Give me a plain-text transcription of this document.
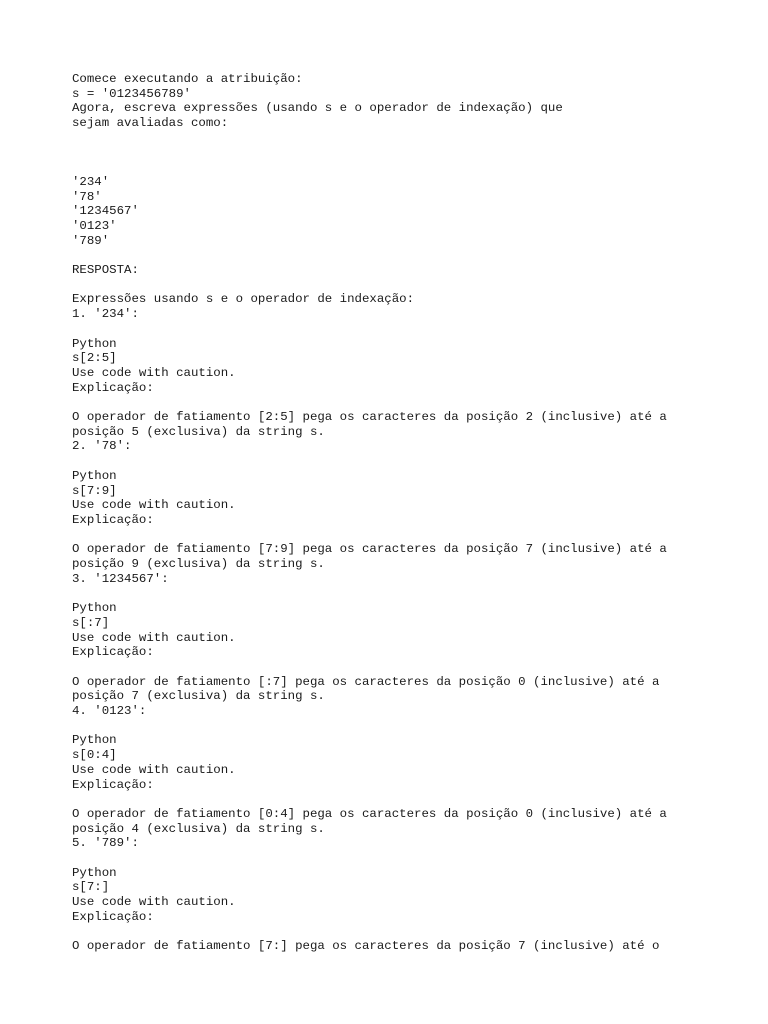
Comece executando a atribuição:
s = '0123456789'
Agora, escreva expressões (usando s e o operador de indexação) que
sejam avaliadas como:
'234'
'78'
'1234567'
'0123'
'789'
RESPOSTA:
Expressões usando s e o operador de indexação:
1. '234':
Python
s[2:5]
Use code with caution.
Explicação:
O operador de fatiamento [2:5] pega os caracteres da posição 2 (inclusive) até a
posição 5 (exclusiva) da string s.
2. '78':
Python
s[7:9]
Use code with caution.
Explicação:
O operador de fatiamento [7:9] pega os caracteres da posição 7 (inclusive) até a
posição 9 (exclusiva) da string s.
3. '1234567':
Python
s[:7]
Use code with caution.
Explicação:
O operador de fatiamento [:7] pega os caracteres da posição 0 (inclusive) até a
posição 7 (exclusiva) da string s.
4. '0123':
Python
s[0:4]
Use code with caution.
Explicação:
O operador de fatiamento [0:4] pega os caracteres da posição 0 (inclusive) até a
posição 4 (exclusiva) da string s.
5. '789':
Python
s[7:]
Use code with caution.
Explicação:
O operador de fatiamento [7:] pega os caracteres da posição 7 (inclusive) até o
